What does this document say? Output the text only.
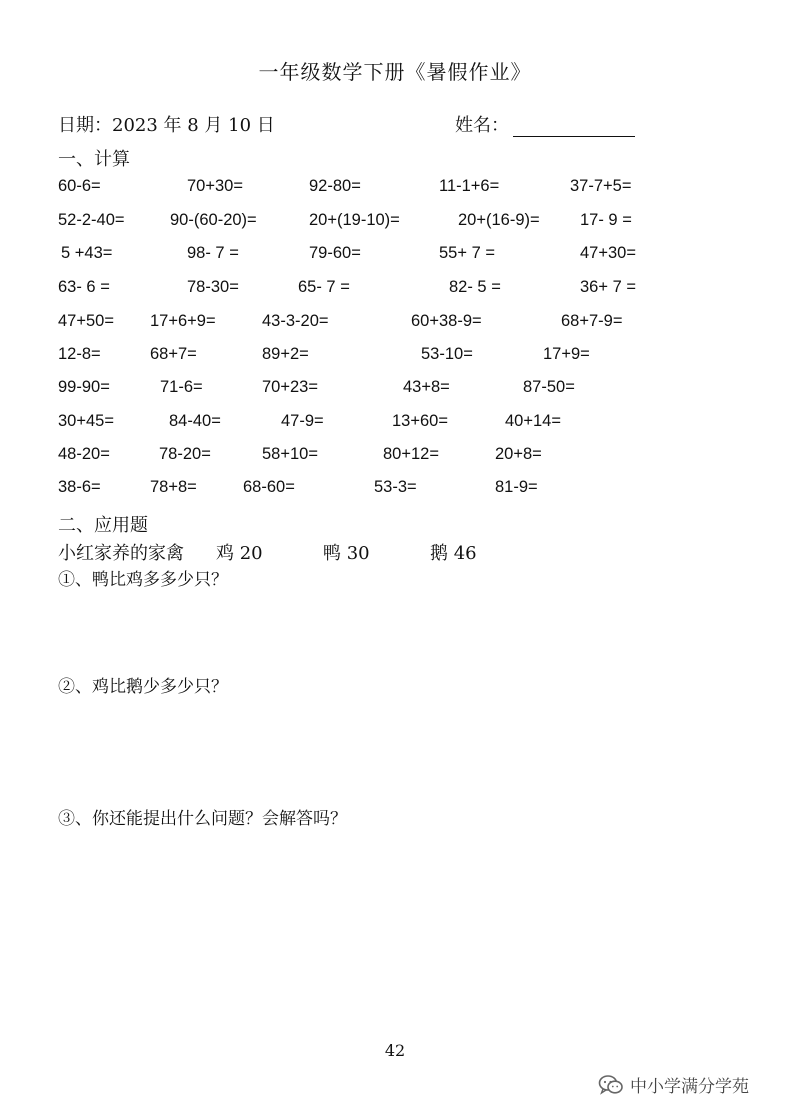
一年级数学下册《暑假作业》
日期：2023 年 8 月 10 日	姓名：
一、计算
60-6=	70+30=	92-80=	11-1+6=	37-7+5=
52-2-40=	90-(60-20)=	20+(19-10)=	20+(16-9)= 17- 9 =
5 +43=	98- 7 =	79-60=	55+ 7 =	47+30=
63- 6 =	78-30=	65- 7 =	82- 5 =	36+ 7 =
47+50= 17+6+9=	43-3-20=	60+38-9=	68+7-9=
12-8=	68+7=	89+2=	53-10=	17+9=
99-90=	71-6=	70+23=	43+8=	87-50=
30+45=	84-40=	47-9=	13+60=	40+14=
48-20=	78-20=	58+10=	80+12=	20+8=
38-6=	78+8=	68-60=	53-3=	81-9=
二、应用题
小红家养的家禽 鸡 20	鸭 30	鹅 46
①、鸭比鸡多多少只？
②、鸡比鹅少多少只？
③、你还能提出什么问题？会解答吗？
42
中小学满分学苑
